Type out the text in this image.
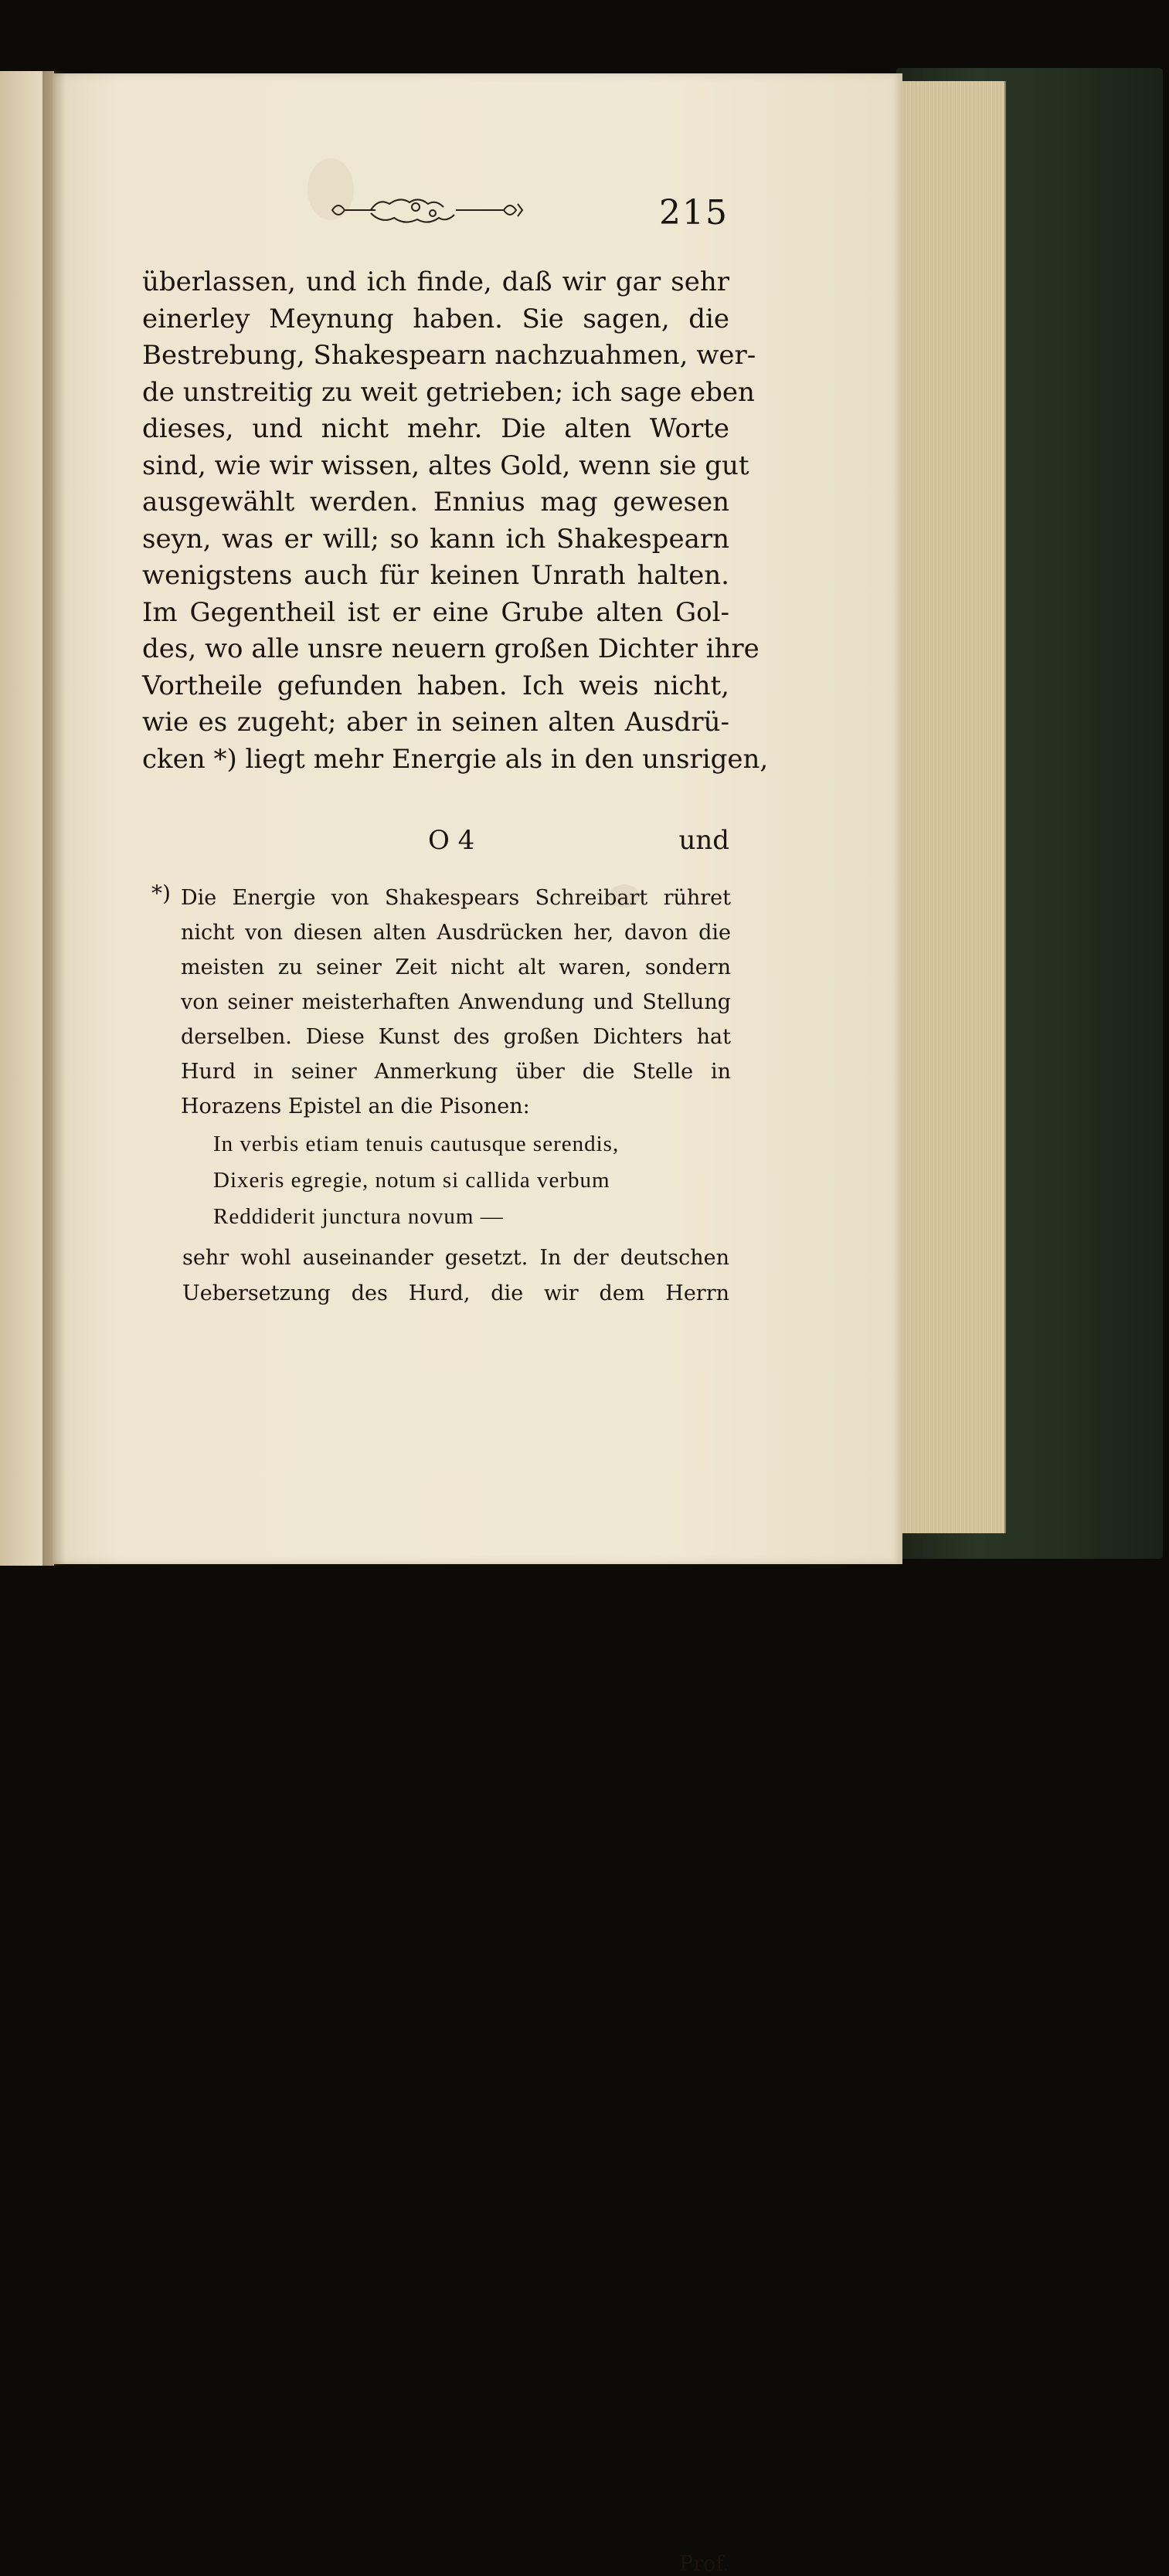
215
überlassen, und ich finde, daß wir gar sehr
einerley Meynung haben. Sie sagen, die
Bestrebung, Shakespearn nachzuahmen, wer-
de unstreitig zu weit getrieben; ich sage eben
dieses, und nicht mehr. Die alten Worte
sind, wie wir wissen, altes Gold, wenn sie gut
ausgewählt werden. Ennius mag gewesen
seyn, was er will; so kann ich Shakespearn
wenigstens auch für keinen Unrath halten.
Im Gegentheil ist er eine Grube alten Gol-
des, wo alle unsre neuern großen Dichter ihre
Vortheile gefunden haben. Ich weis nicht,
wie es zugeht; aber in seinen alten Ausdrü-
cken *) liegt mehr Energie als in den unsrigen,
O 4	und
*) Die Energie von Shakespears Schreibart rühret
nicht von diesen alten Ausdrücken her, davon die
meisten zu seiner Zeit nicht alt waren, sondern
von seiner meisterhaften Anwendung und Stellung
derselben. Diese Kunst des großen Dichters hat
Hurd in seiner Anmerkung über die Stelle in
Horazens Epistel an die Pisonen:
In verbis etiam tenuis cautusque serendis,
Dixeris egregie, notum si callida verbum
Reddiderit junctura novum —
sehr wohl auseinander gesetzt. In der deutschen
Uebersetzung des Hurd, die wir dem Herrn
Prof.
